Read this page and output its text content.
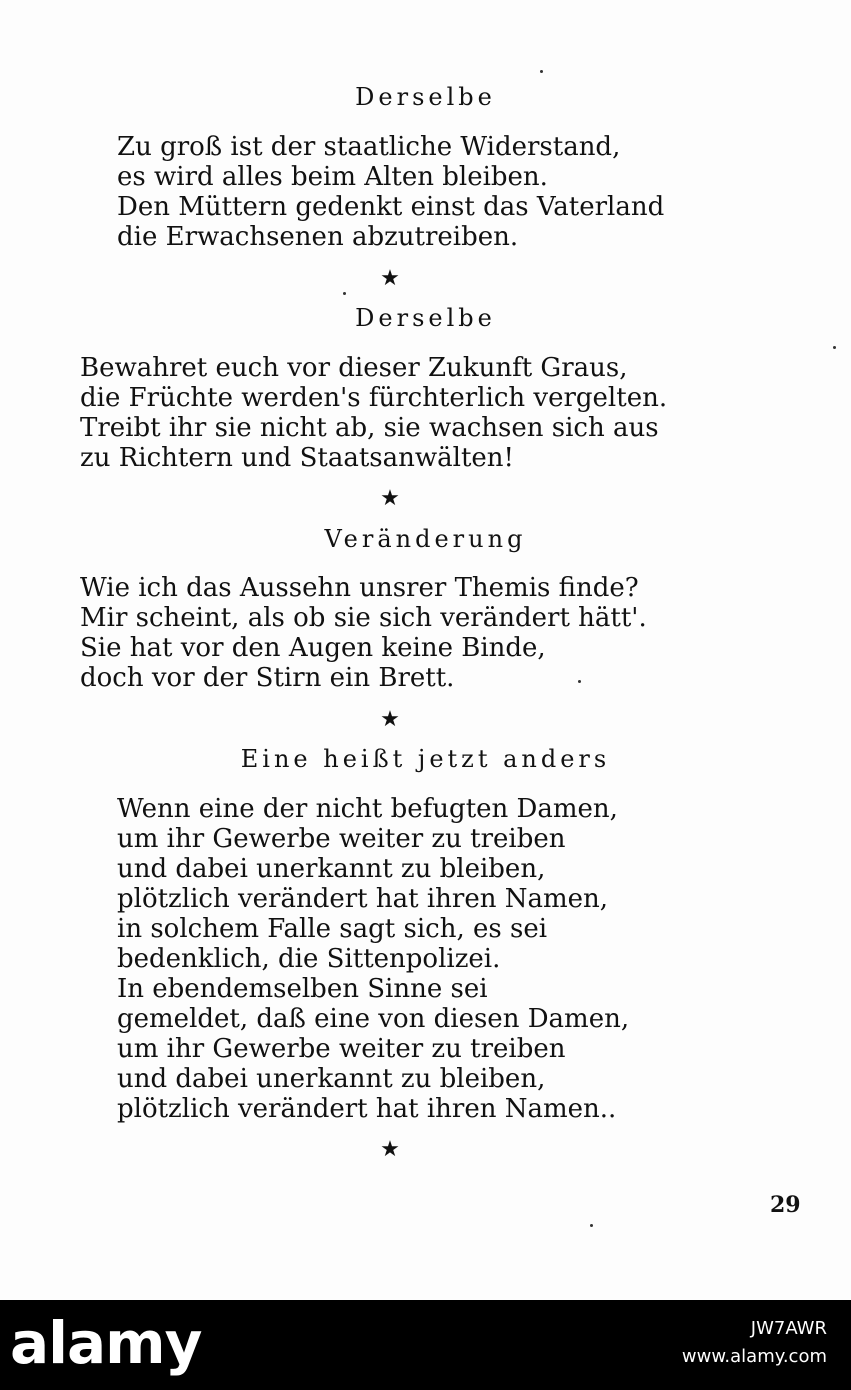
Derselbe
Zu groß ist der staatliche Widerstand,
es wird alles beim Alten bleiben.
Den Müttern gedenkt einst das Vaterland
die Erwachsenen abzutreiben.
★
Derselbe
Bewahret euch vor dieser Zukunft Graus,
die Früchte werden's fürchterlich vergelten.
Treibt ihr sie nicht ab, sie wachsen sich aus
zu Richtern und Staatsanwälten!
★
Veränderung
Wie ich das Aussehn unsrer Themis finde?
Mir scheint, als ob sie sich verändert hätt'.
Sie hat vor den Augen keine Binde,
doch vor der Stirn ein Brett.
★
Eine heißt jetzt anders
Wenn eine der nicht befugten Damen,
um ihr Gewerbe weiter zu treiben
und dabei unerkannt zu bleiben,
plötzlich verändert hat ihren Namen,
in solchem Falle sagt sich, es sei
bedenklich, die Sittenpolizei.
In ebendemselben Sinne sei
gemeldet, daß eine von diesen Damen,
um ihr Gewerbe weiter zu treiben
und dabei unerkannt zu bleiben,
plötzlich verändert hat ihren Namen..
★
29
alamy	JW7AWR
www.alamy.com
